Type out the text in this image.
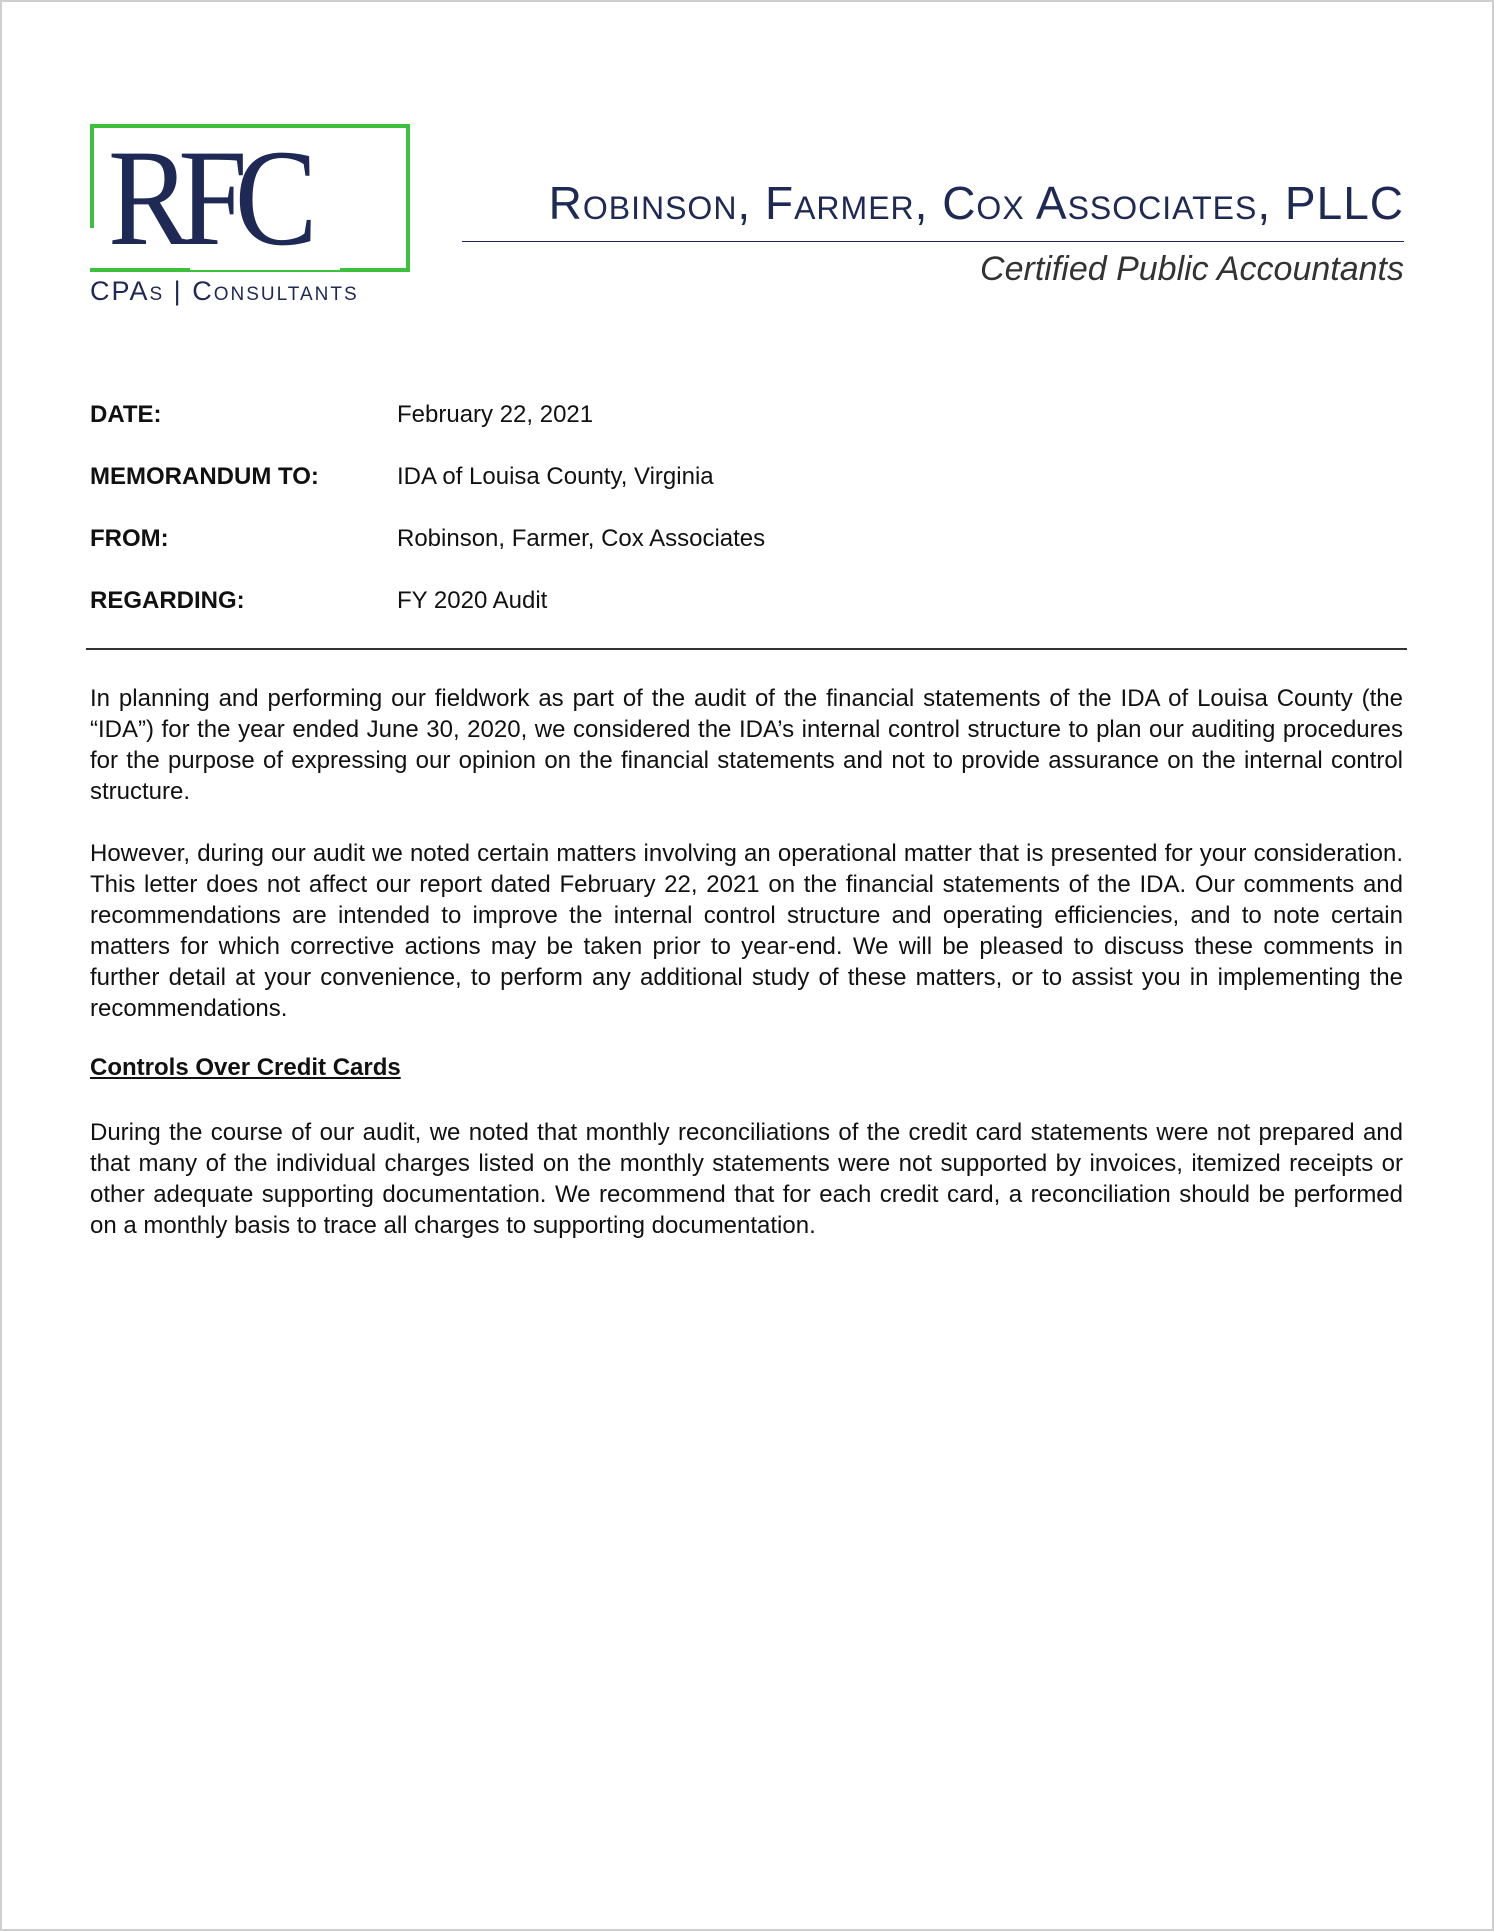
RFC
CPAs | Consultants
Robinson, Farmer, Cox Associates, PLLC
Certified Public Accountants
DATE:	February 22, 2021
MEMORANDUM TO:	IDA of Louisa County, Virginia
FROM:	Robinson, Farmer, Cox Associates
REGARDING:	FY 2020 Audit
In planning and performing our fieldwork as part of the audit of the financial statements of the IDA of Louisa County (the “IDA”) for the year ended June 30, 2020, we considered the IDA’s internal control structure to plan our auditing procedures for the purpose of expressing our opinion on the financial statements and not to provide assurance on the internal control structure.
However, during our audit we noted certain matters involving an operational matter that is presented for your consideration. This letter does not affect our report dated February 22, 2021 on the financial statements of the IDA. Our comments and recommendations are intended to improve the internal control structure and operating efficiencies, and to note certain matters for which corrective actions may be taken prior to year-end. We will be pleased to discuss these comments in further detail at your convenience, to perform any additional study of these matters, or to assist you in implementing the recommendations.
Controls Over Credit Cards
During the course of our audit, we noted that monthly reconciliations of the credit card statements were not prepared and that many of the individual charges listed on the monthly statements were not supported by invoices, itemized receipts or other adequate supporting documentation. We recommend that for each credit card, a reconciliation should be performed on a monthly basis to trace all charges to supporting documentation.
